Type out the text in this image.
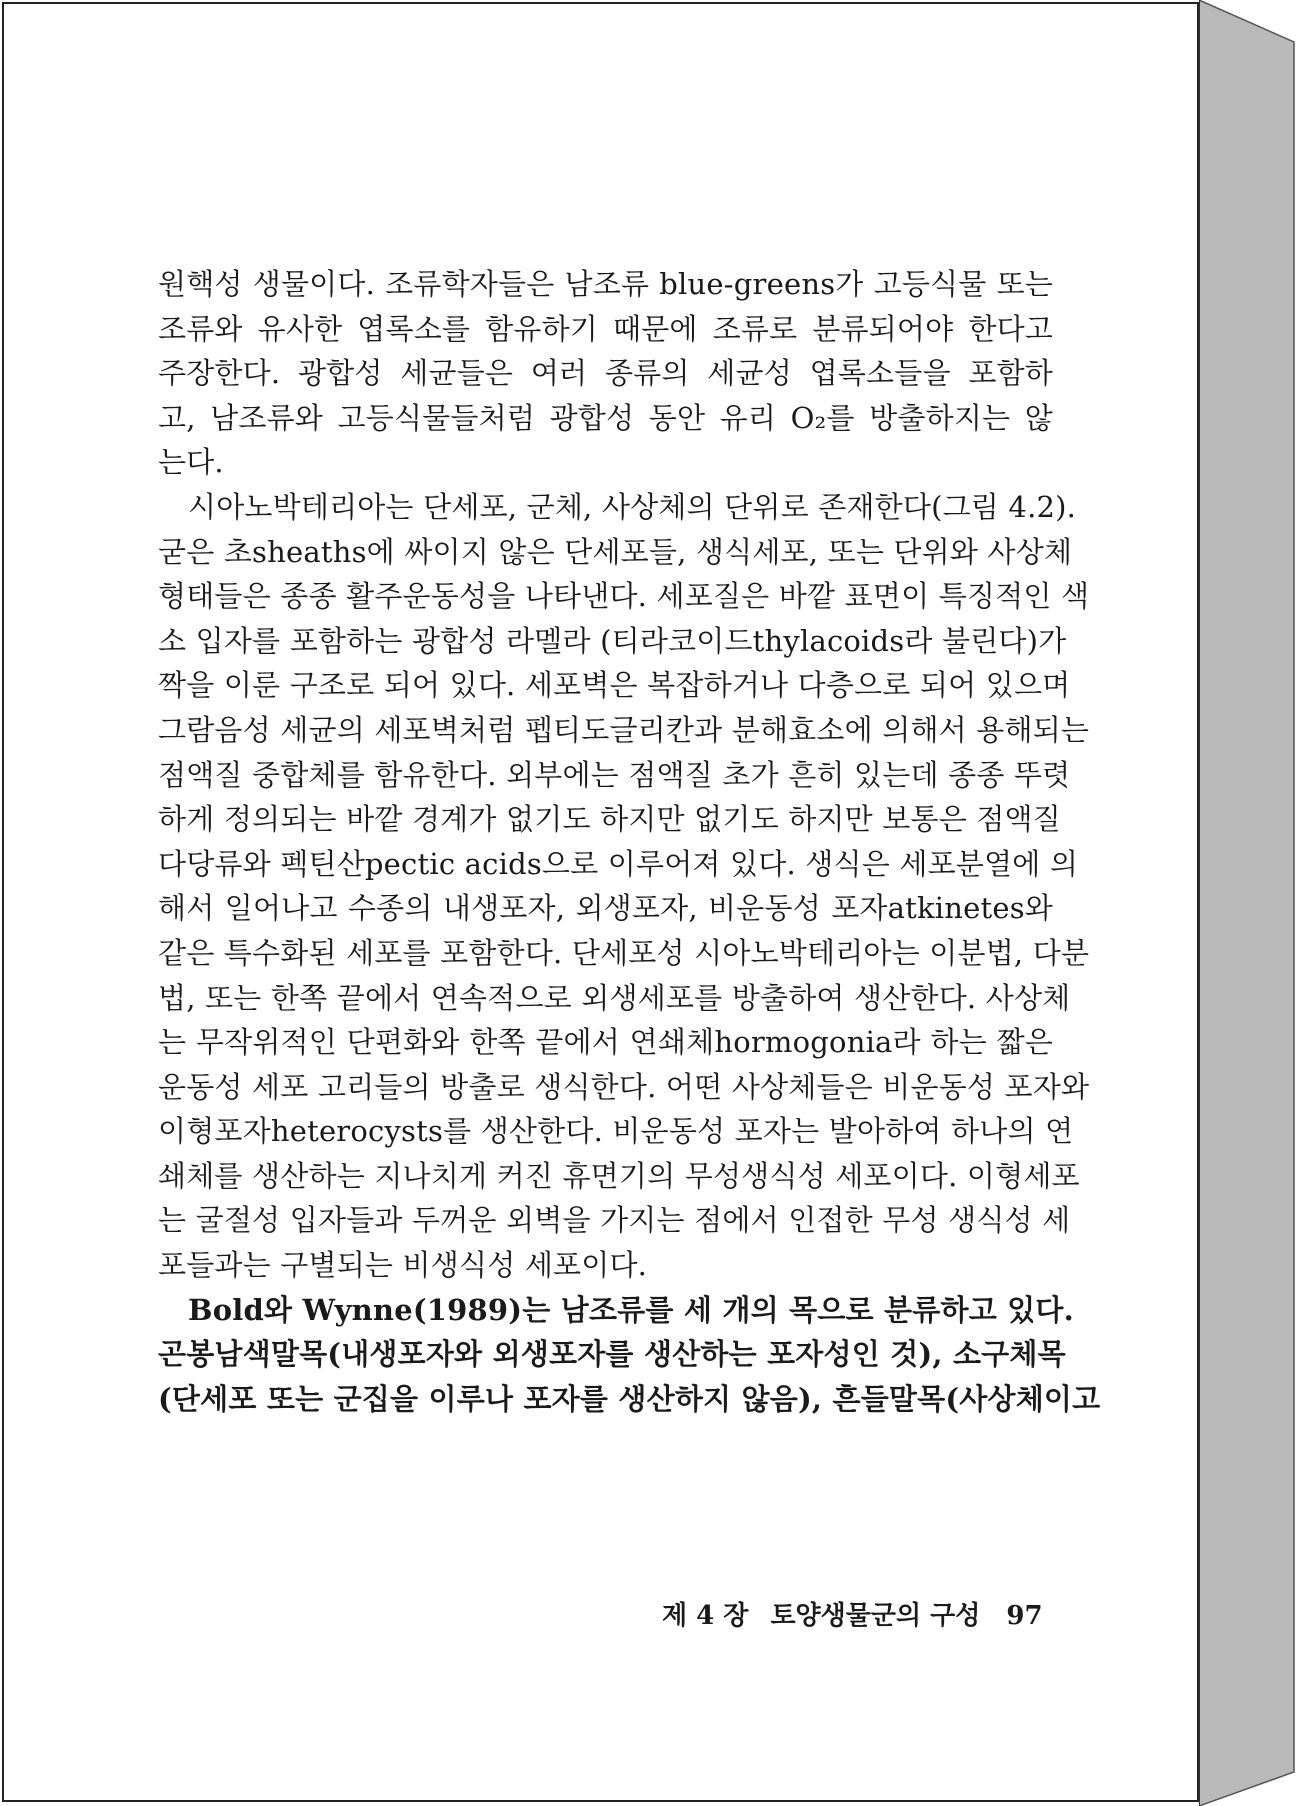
원핵성 생물이다. 조류학자들은 남조류 blue-greens가 고등식물 또는
조류와 유사한 엽록소를 함유하기 때문에 조류로 분류되어야 한다고
주장한다. 광합성 세균들은 여러 종류의 세균성 엽록소들을 포함하
고, 남조류와 고등식물들처럼 광합성 동안 유리 O₂를 방출하지는 않
는다.
시아노박테리아는 단세포, 군체, 사상체의 단위로 존재한다(그림 4.2).
굳은 초sheaths에 싸이지 않은 단세포들, 생식세포, 또는 단위와 사상체
형태들은 종종 활주운동성을 나타낸다. 세포질은 바깥 표면이 특징적인 색
소 입자를 포함하는 광합성 라멜라 (티라코이드thylacoids라 불린다)가
짝을 이룬 구조로 되어 있다. 세포벽은 복잡하거나 다층으로 되어 있으며
그람음성 세균의 세포벽처럼 펩티도글리칸과 분해효소에 의해서 용해되는
점액질 중합체를 함유한다. 외부에는 점액질 초가 흔히 있는데 종종 뚜렷
하게 정의되는 바깥 경계가 없기도 하지만 없기도 하지만 보통은 점액질
다당류와 펙틴산pectic acids으로 이루어져 있다. 생식은 세포분열에 의
해서 일어나고 수종의 내생포자, 외생포자, 비운동성 포자atkinetes와
같은 특수화된 세포를 포함한다. 단세포성 시아노박테리아는 이분법, 다분
법, 또는 한쪽 끝에서 연속적으로 외생세포를 방출하여 생산한다. 사상체
는 무작위적인 단편화와 한쪽 끝에서 연쇄체hormogonia라 하는 짧은
운동성 세포 고리들의 방출로 생식한다. 어떤 사상체들은 비운동성 포자와
이형포자heterocysts를 생산한다. 비운동성 포자는 발아하여 하나의 연
쇄체를 생산하는 지나치게 커진 휴면기의 무성생식성 세포이다. 이형세포
는 굴절성 입자들과 두꺼운 외벽을 가지는 점에서 인접한 무성 생식성 세
포들과는 구별되는 비생식성 세포이다.
Bold와 Wynne(1989)는 남조류를 세 개의 목으로 분류하고 있다.
곤봉남색말목(내생포자와 외생포자를 생산하는 포자성인 것), 소구체목
(단세포 또는 군집을 이루나 포자를 생산하지 않음), 흔들말목(사상체이고
제 4 장 토양생물군의 구성 97
